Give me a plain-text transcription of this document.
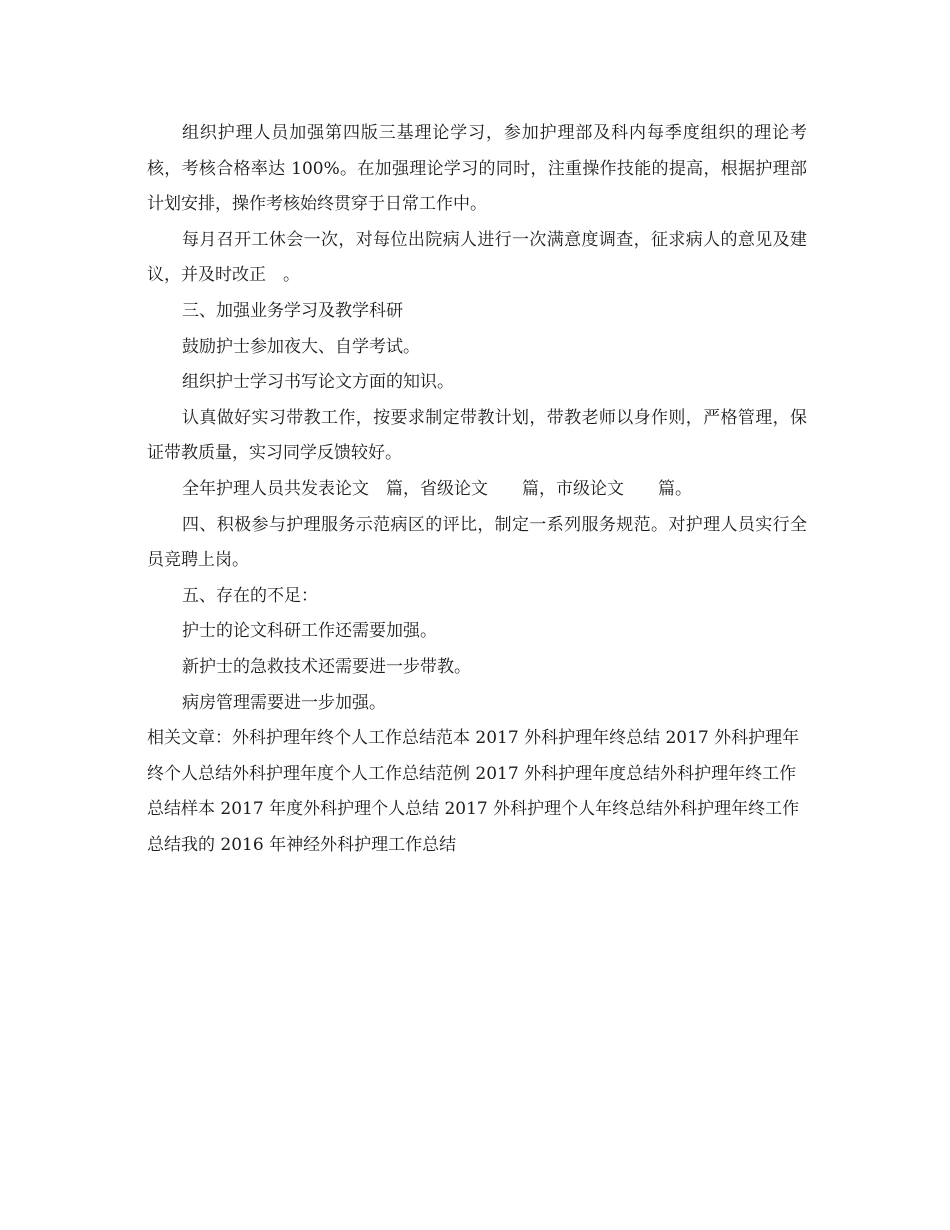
组织护理人员加强第四版三基理论学习，参加护理部及科内每季度组织的理论考核，考核合格率达 100%。在加强理论学习的同时，注重操作技能的提高，根据护理部计划安排，操作考核始终贯穿于日常工作中。

每月召开工休会一次，对每位出院病人进行一次满意度调查，征求病人的意见及建议，并及时改正　。

三、加强业务学习及教学科研

鼓励护士参加夜大、自学考试。

组织护士学习书写论文方面的知识。

认真做好实习带教工作，按要求制定带教计划，带教老师以身作则，严格管理，保证带教质量，实习同学反馈较好。

全年护理人员共发表论文　篇，省级论文　　篇，市级论文　　篇。

四、积极参与护理服务示范病区的评比，制定一系列服务规范。对护理人员实行全员竞聘上岗。

五、存在的不足：

护士的论文科研工作还需要加强。

新护士的急救技术还需要进一步带教。

病房管理需要进一步加强。

相关文章：外科护理年终个人工作总结范本 2017 外科护理年终总结 2017 外科护理年终个人总结外科护理年度个人工作总结范例 2017 外科护理年度总结外科护理年终工作总结样本 2017 年度外科护理个人总结 2017 外科护理个人年终总结外科护理年终工作总结我的 2016 年神经外科护理工作总结
